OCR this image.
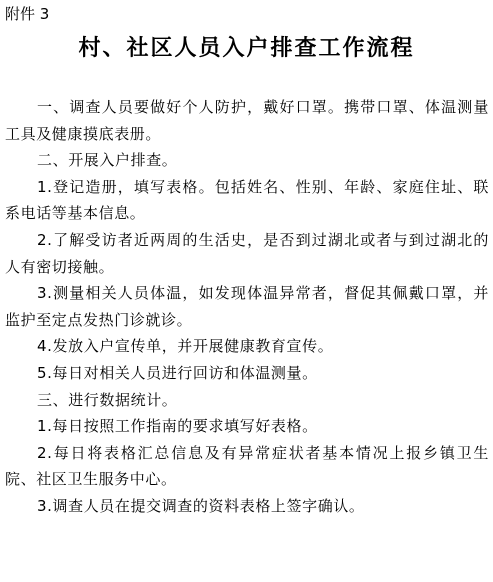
附件 3
村、社区人员入户排查工作流程

一、调查人员要做好个人防护，戴好口罩。携带口罩、体温测量工具及健康摸底表册。

二、开展入户排查。

1.登记造册，填写表格。包括姓名、性别、年龄、家庭住址、联系电话等基本信息。

2.了解受访者近两周的生活史，是否到过湖北或者与到过湖北的人有密切接触。

3.测量相关人员体温，如发现体温异常者，督促其佩戴口罩，并监护至定点发热门诊就诊。

4.发放入户宣传单，并开展健康教育宣传。

5.每日对相关人员进行回访和体温测量。

三、进行数据统计。

1.每日按照工作指南的要求填写好表格。

2.每日将表格汇总信息及有异常症状者基本情况上报乡镇卫生院、社区卫生服务中心。

3.调查人员在提交调查的资料表格上签字确认。
